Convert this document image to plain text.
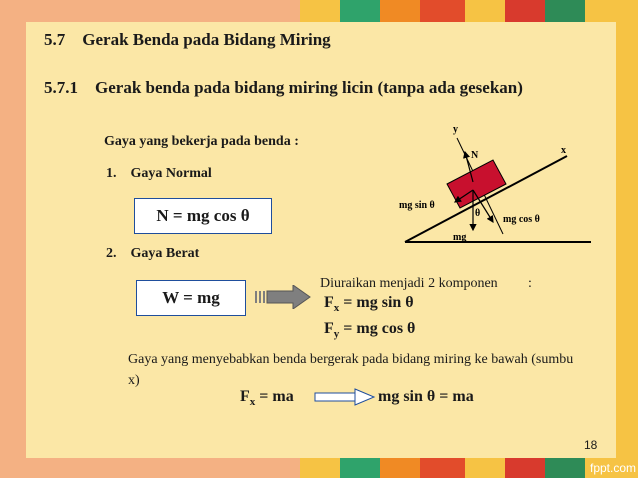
5.7 Gerak Benda pada Bidang Miring
5.7.1 Gerak benda pada bidang miring licin (tanpa ada gesekan)
Gaya yang bekerja pada benda :
1. Gaya Normal
N = mg cos θ
2. Gaya Berat
W = mg
Diuraikan menjadi 2 komponen :
$F_x$ = mg sin θ
$F_y$ = mg cos θ
Gaya yang menyebabkan benda bergerak pada bidang miring ke bawah (sumbu
x)
$F_x$ = ma	mg sin θ = ma
y
x
N
mg sin θ
mg cos θ
θ
mg
18
fppt.com
